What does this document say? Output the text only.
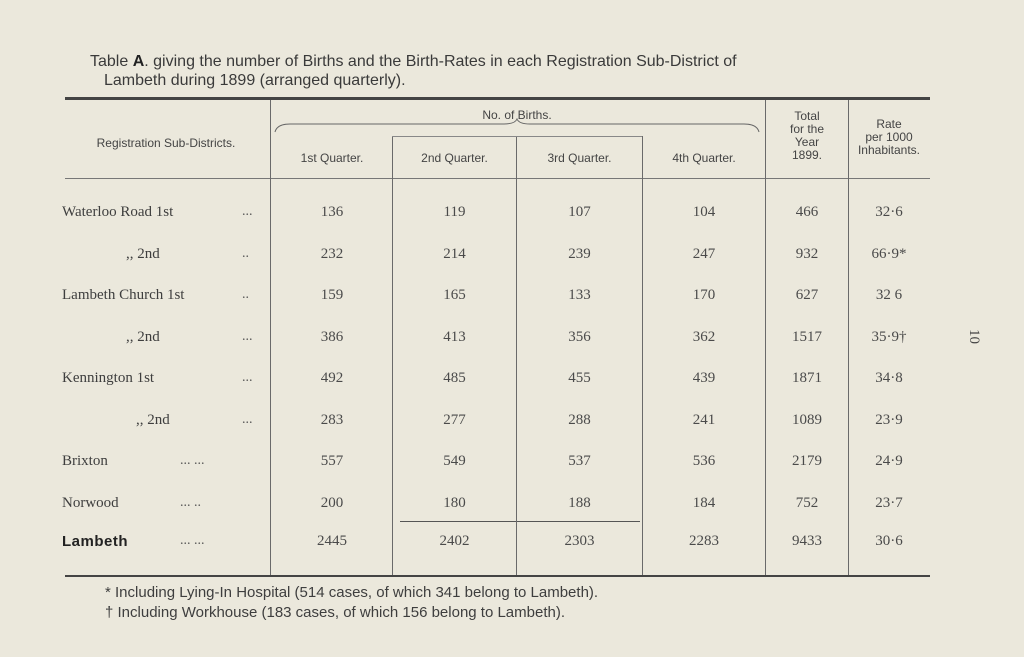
Table A. giving the number of Births and the Birth-Rates in each Registration Sub-District of
Lambeth during 1899 (arranged quarterly).
Registration Sub-Districts.
No. of Births.
1st Quarter.	2nd Quarter.	3rd Quarter.	4th Quarter.
Total
for the
Year
1899.
Rate
per 1000
Inhabitants.
Waterloo Road 1st	...	136	119	107	104	466	32·6
,, 2nd	..	232	214	239	247	932	66·9*
Lambeth Church 1st	..	159	165	133	170	627	32 6
,, 2nd	...	386	413	356	362	1517	35·9†
Kennington 1st	...	492	485	455	439	1871	34·8
,, 2nd	...	283	277	288	241	1089	23·9
Brixton	... ...	557	549	537	536	2179	24·9
Norwood	... ..	200	180	188	184	752	23·7
Lambeth	... ...	2445	2402	2303	2283	9433	30·6
* Including Lying-In Hospital (514 cases, of which 341 belong to Lambeth).
† Including Workhouse (183 cases, of which 156 belong to Lambeth).
10
